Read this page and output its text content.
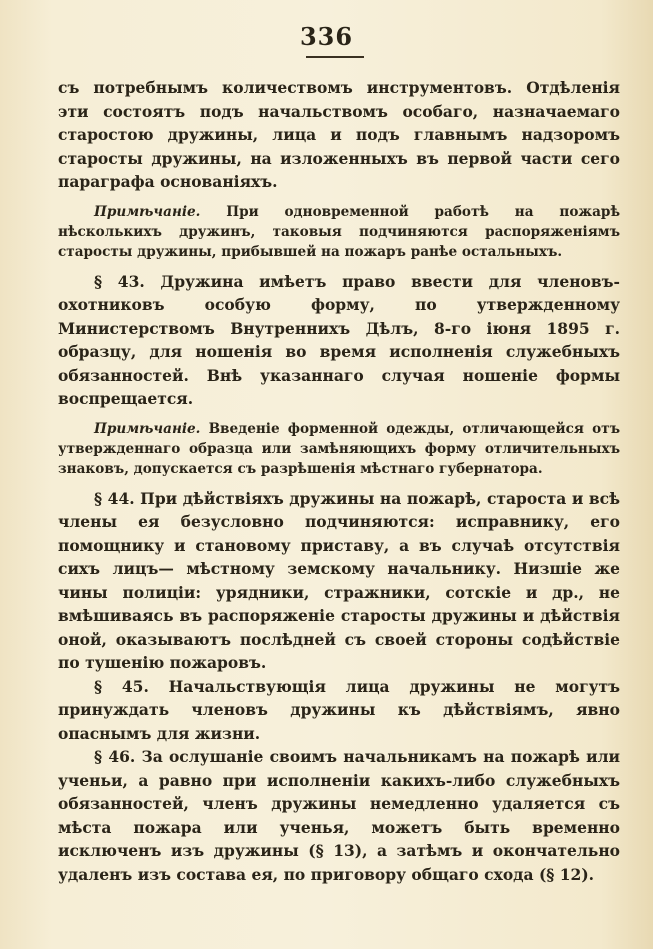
336

съ потребнымъ количествомъ инструментовъ. Отдѣленія эти состоятъ подъ начальствомъ особаго, назначаемаго старостою дружины, лица и подъ главнымъ надзоромъ старосты дружины, на изложенныхъ въ первой части сего параграфа основаніяхъ.

Примѣчаніе. При одновременной работѣ на пожарѣ нѣсколькихъ дружинъ, таковыя подчиняются распоряженіямъ старосты дружины, прибывшей на пожаръ ранѣе остальныхъ.

§ 43. Дружина имѣетъ право ввести для членовъ-охотниковъ особую форму, по утвержденному Министерствомъ Внутреннихъ Дѣлъ, 8-го іюня 1895 г. образцу, для ношенія во время исполненія служебныхъ обязанностей. Внѣ указаннаго случая ношеніе формы воспрещается.

Примѣчаніе. Введеніе форменной одежды, отличающейся отъ утвержденнаго образца или замѣняющихъ форму отличительныхъ знаковъ, допускается съ разрѣшенія мѣстнаго губернатора.

§ 44. При дѣйствіяхъ дружины на пожарѣ, староста и всѣ члены ея безусловно подчиняются: исправнику, его помощнику и становому приставу, а въ случаѣ отсутствія сихъ лицъ— мѣстному земскому начальнику. Низшіе же чины полиціи: урядники, стражники, сотскіе и др., не вмѣшиваясь въ распоряженіе старосты дружины и дѣйствія оной, оказываютъ послѣдней съ своей стороны содѣйствіе по тушенію пожаровъ.

§ 45. Начальствующія лица дружины не могутъ принуждать членовъ дружины къ дѣйствіямъ, явно опаснымъ для жизни.

§ 46. За ослушаніе своимъ начальникамъ на пожарѣ или ученьи, а равно при исполненіи какихъ-либо служебныхъ обязанностей, членъ дружины немедленно удаляется съ мѣста пожара или ученья, можетъ быть временно исключенъ изъ дружины (§ 13), а затѣмъ и окончательно удаленъ изъ состава ея, по приговору общаго схода (§ 12).
